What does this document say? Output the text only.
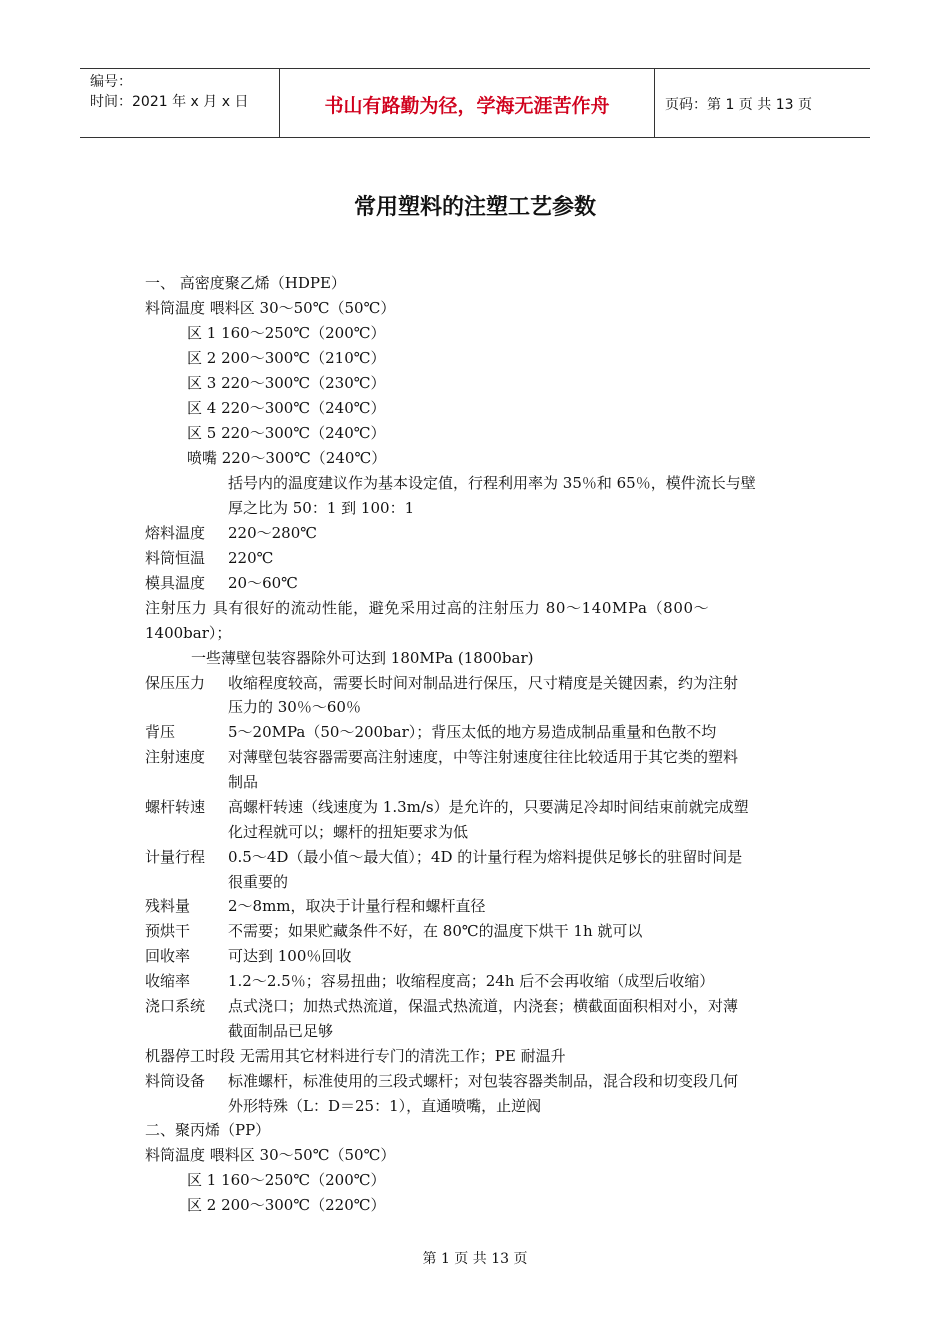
编号：
时间：2021 年 x 月 x 日	书山有路勤为径，学海无涯苦作舟	页码：第 1 页 共 13 页
常用塑料的注塑工艺参数
一、 高密度聚乙烯（HDPE）
料筒温度 喂料区 30～50℃（50℃）
区 1 160～250℃（200℃）
区 2 200～300℃（210℃）
区 3 220～300℃（230℃）
区 4 220～300℃（240℃）
区 5 220～300℃（240℃）
喷嘴 220～300℃（240℃）
括号内的温度建议作为基本设定值，行程利用率为 35％和 65％，模件流长与壁
厚之比为 50：1 到 100：1
熔料温度 220～280℃
料筒恒温 220℃
模具温度 20～60℃
注射压力 具有很好的流动性能，避免采用过高的注射压力 80～140MPa（800～
1400bar）；
一些薄壁包装容器除外可达到 180MPa (1800bar)
保压压力 收缩程度较高，需要长时间对制品进行保压，尺寸精度是关键因素，约为注射
压力的 30％～60％
背压	5～20MPa（50～200bar）；背压太低的地方易造成制品重量和色散不均
注射速度 对薄壁包装容器需要高注射速度，中等注射速度往往比较适用于其它类的塑料
制品
螺杆转速 高螺杆转速（线速度为 1.3m/s）是允许的，只要满足冷却时间结束前就完成塑
化过程就可以；螺杆的扭矩要求为低
计量行程 0.5～4D（最小值～最大值）；4D 的计量行程为熔料提供足够长的驻留时间是
很重要的
残料量	2～8mm，取决于计量行程和螺杆直径
预烘干	不需要；如果贮藏条件不好，在 80℃的温度下烘干 1h 就可以
回收率	可达到 100％回收
收缩率	1.2～2.5％；容易扭曲；收缩程度高；24h 后不会再收缩（成型后收缩）
浇口系统 点式浇口；加热式热流道，保温式热流道，内浇套；横截面面积相对小，对薄
截面制品已足够
机器停工时段 无需用其它材料进行专门的清洗工作；PE 耐温升
料筒设备 标准螺杆，标准使用的三段式螺杆；对包装容器类制品，混合段和切变段几何
外形特殊（L：D＝25：1），直通喷嘴，止逆阀
二、聚丙烯（PP）
料筒温度 喂料区 30～50℃（50℃）
区 1 160～250℃（200℃）
区 2 200～300℃（220℃）
第 1 页 共 13 页
